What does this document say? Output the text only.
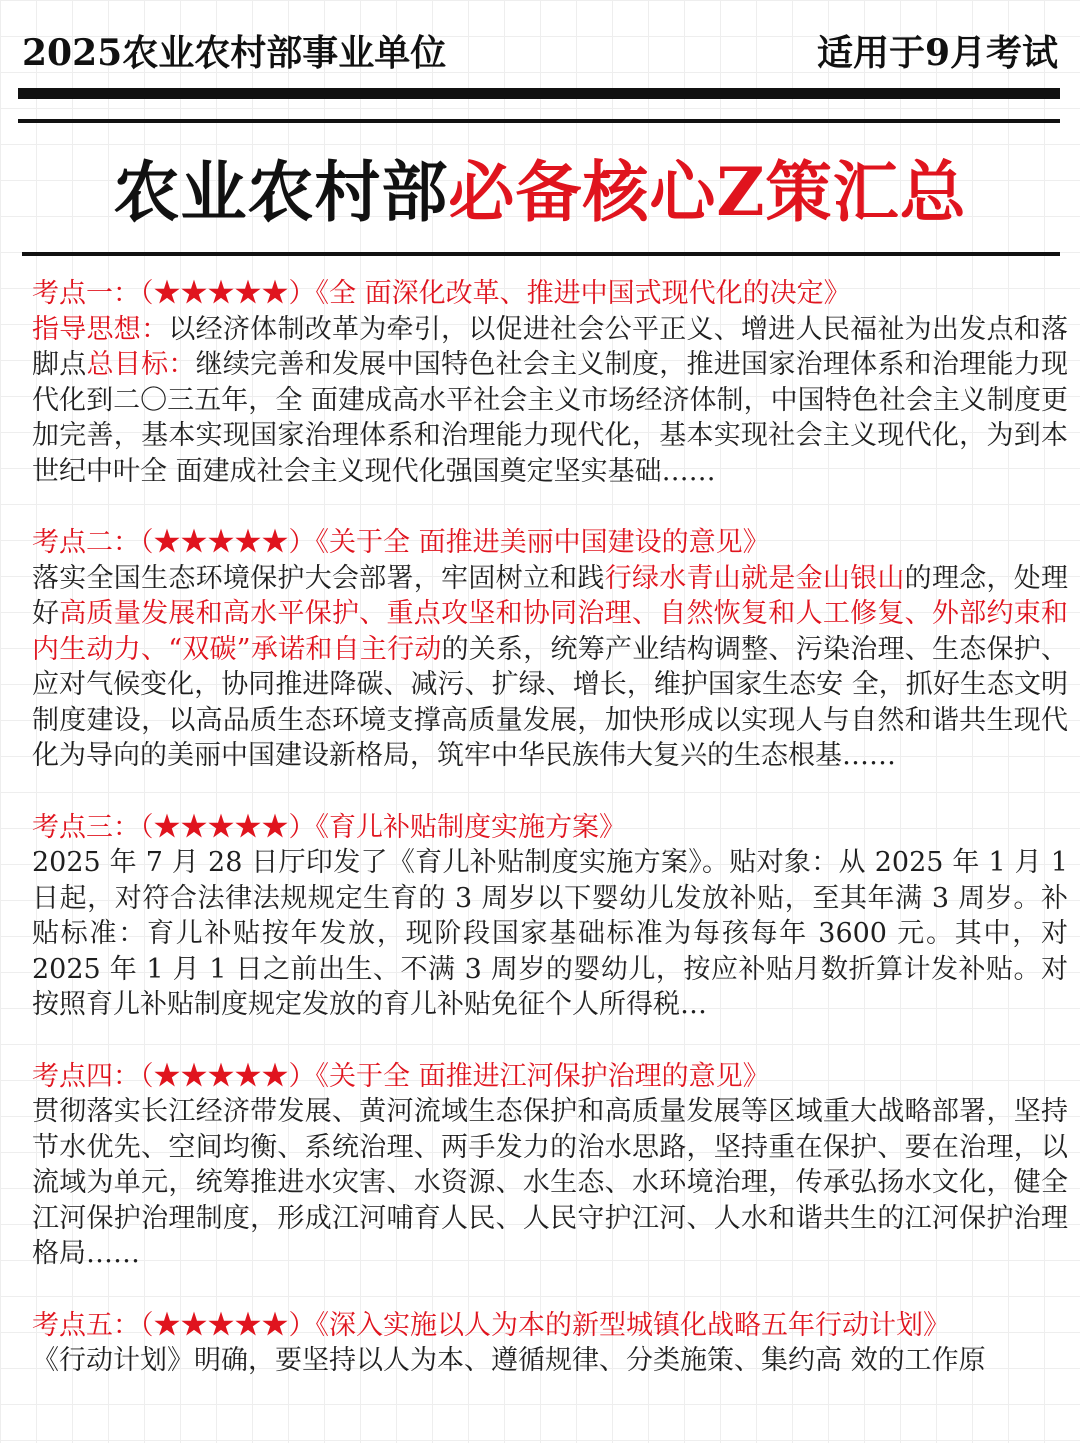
2025农业农村部事业单位	适用于9月考试
农业农村部必备核心Z策汇总
考点一：（★★★★★）《全 面深化改革、推进中国式现代化的决定》
指导思想：以经济体制改革为牵引，以促进社会公平正义、增进人民福祉为出发点和落脚点总目标：继续完善和发展中国特色社会主义制度，推进国家治理体系和治理能力现代化到二〇三五年，全 面建成高水平社会主义市场经济体制，中国特色社会主义制度更加完善，基本实现国家治理体系和治理能力现代化，基本实现社会主义现代化，为到本世纪中叶全 面建成社会主义现代化强国奠定坚实基础……
考点二：（★★★★★）《关于全 面推进美丽中国建设的意见》
落实全国生态环境保护大会部署，牢固树立和践行绿水青山就是金山银山的理念，处理好高质量发展和高水平保护、重点攻坚和协同治理、自然恢复和人工修复、外部约束和内生动力、“双碳”承诺和自主行动的关系，统筹产业结构调整、污染治理、生态保护、应对气候变化，协同推进降碳、减污、扩绿、增长，维护国家生态安 全，抓好生态文明制度建设，以高品质生态环境支撑高质量发展，加快形成以实现人与自然和谐共生现代化为导向的美丽中国建设新格局，筑牢中华民族伟大复兴的生态根基……
考点三：（★★★★★）《育儿补贴制度实施方案》
2025 年 7 月 28 日厅印发了《育儿补贴制度实施方案》。贴对象：从 2025 年 1 月 1 日起，对符合法律法规规定生育的 3 周岁以下婴幼儿发放补贴，至其年满 3 周岁。补贴标准：育儿补贴按年发放，现阶段国家基础标准为每孩每年 3600 元。其中，对 2025 年 1 月 1 日之前出生、不满 3 周岁的婴幼儿，按应补贴月数折算计发补贴。对按照育儿补贴制度规定发放的育儿补贴免征个人所得税…
考点四：（★★★★★）《关于全 面推进江河保护治理的意见》
贯彻落实长江经济带发展、黄河流域生态保护和高质量发展等区域重大战略部署，坚持节水优先、空间均衡、系统治理、两手发力的治水思路，坚持重在保护、要在治理，以流域为单元，统筹推进水灾害、水资源、水生态、水环境治理，传承弘扬水文化，健全江河保护治理制度，形成江河哺育人民、人民守护江河、人水和谐共生的江河保护治理格局……
考点五：（★★★★★）《深入实施以人为本的新型城镇化战略五年行动计划》
《行动计划》明确，要坚持以人为本、遵循规律、分类施策、集约高 效的工作原
